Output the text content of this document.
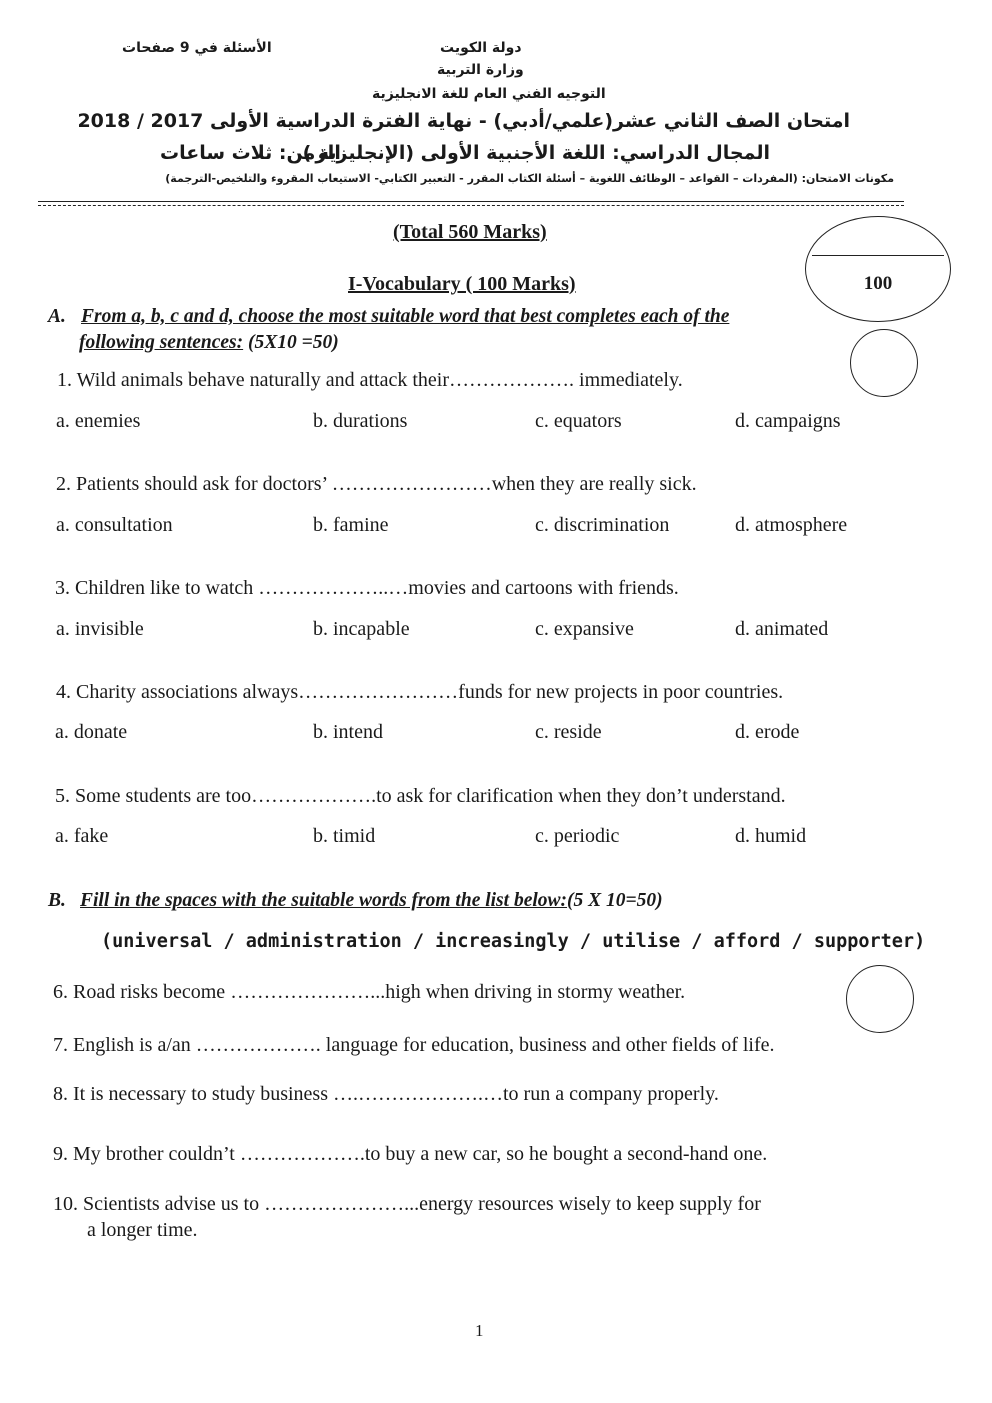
الأسئلة في 9 صفحات	دولة الكويت
وزارة التربية
التوجيه الفني العام للغة الانجليزية
امتحان الصف الثاني عشر(علمي/أدبي) - نهاية الفترة الدراسية الأولى 2017 / 2018
المجال الدراسي: اللغة الأجنبية الأولى (الإنجليزية )
الزمن: ثلاث ساعات
مكونات الامتحان: (المفردات – القواعد – الوظائف اللغوية – أسئلة الكتاب المقرر - التعبير الكتابي- الاستيعاب المقروء والتلخيص-الترجمة)
(Total 560 Marks)
100
I-Vocabulary ( 100 Marks)
A. From a, b, c and d, choose the most suitable word that best completes each of the
following sentences: (5X10 =50)
1. Wild animals behave naturally and attack their………………. immediately.
a. enemies	b. durations	c. equators	d. campaigns
2. Patients should ask for doctors’ ……………………when they are really sick.
a. consultation	b. famine	c. discrimination	d. atmosphere
3. Children like to watch ………………..…movies and cartoons with friends.
a. invisible	b. incapable	c. expansive	d. animated
4. Charity associations always……………………funds for new projects in poor countries.
a. donate	b. intend	c. reside	d. erode
5. Some students are too……………….to ask for clarification when they don’t understand.
a. fake	b. timid	c. periodic	d. humid
B. Fill in the spaces with the suitable words from the list below:(5 X 10=50)
(universal / administration / increasingly / utilise / afford / supporter)
6. Road risks become …………………...high when driving in stormy weather.
7. English is a/an ………………. language for education, business and other fields of life.
8. It is necessary to study business ….……………….…to run a company properly.
9. My brother couldn’t ……………….to buy a new car, so he bought a second-hand one.
10. Scientists advise us to …………………...energy resources wisely to keep supply for
a longer time.
1
